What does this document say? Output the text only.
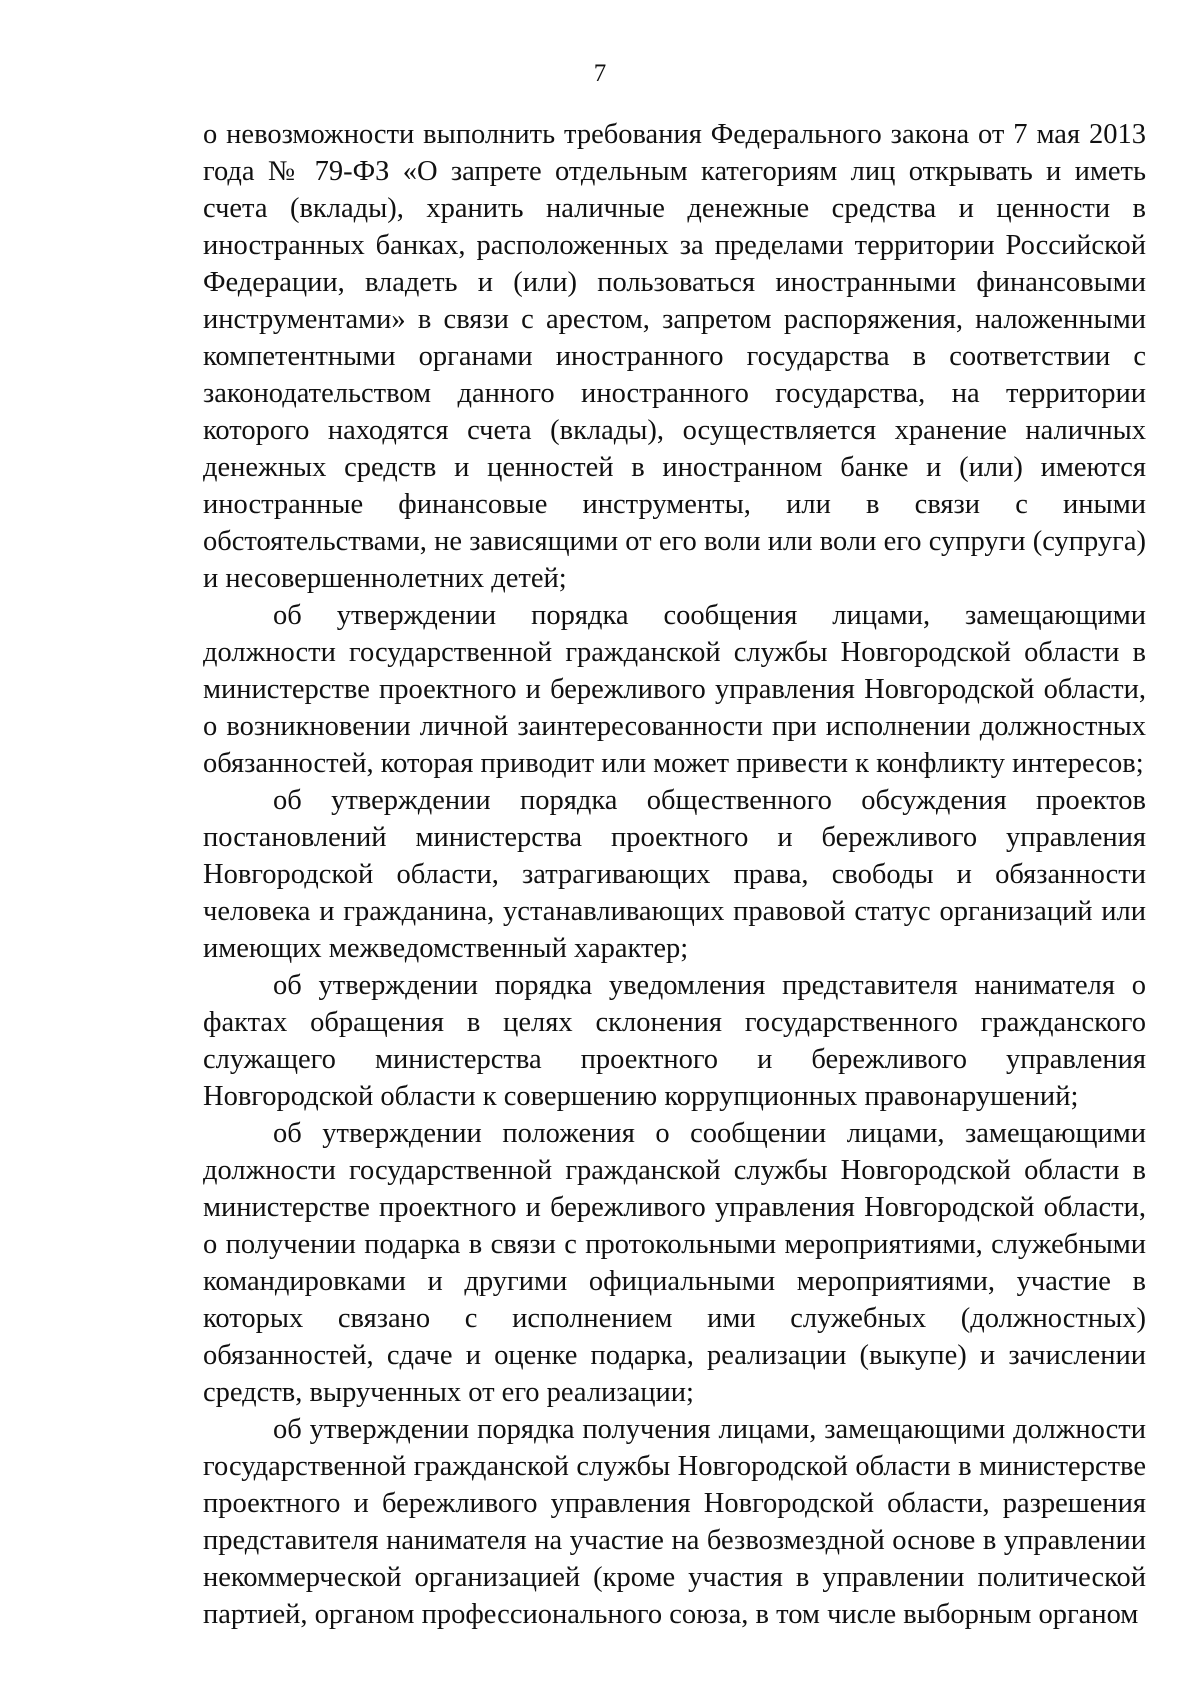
7

о невозможности выполнить требования Федерального закона от 7 мая 2013 года № 79-ФЗ «О запрете отдельным категориям лиц открывать и иметь счета (вклады), хранить наличные денежные средства и ценности в иностранных банках, расположенных за пределами территории Российской Федерации, владеть и (или) пользоваться иностранными финансовыми инструментами» в связи с арестом, запретом распоряжения, наложенными компетентными органами иностранного государства в соответствии с законодательством данного иностранного государства, на территории которого находятся счета (вклады), осуществляется хранение наличных денежных средств и ценностей в иностранном банке и (или) имеются иностранные финансовые инструменты, или в связи с иными обстоятельствами, не зависящими от его воли или воли его супруги (супруга) и несовершеннолетних детей;

об утверждении порядка сообщения лицами, замещающими должности государственной гражданской службы Новгородской области в министерстве проектного и бережливого управления Новгородской области, о возникновении личной заинтересованности при исполнении должностных обязанностей, которая приводит или может привести к конфликту интересов;

об утверждении порядка общественного обсуждения проектов постановлений министерства проектного и бережливого управления Новгородской области, затрагивающих права, свободы и обязанности человека и гражданина, устанавливающих правовой статус организаций или имеющих межведомственный характер;

об утверждении порядка уведомления представителя нанимателя о фактах обращения в целях склонения государственного гражданского служащего министерства проектного и бережливого управления Новгородской области к совершению коррупционных правонарушений;

об утверждении положения о сообщении лицами, замещающими должности государственной гражданской службы Новгородской области в министерстве проектного и бережливого управления Новгородской области, о получении подарка в связи с протокольными мероприятиями, служебными командировками и другими официальными мероприятиями, участие в которых связано с исполнением ими служебных (должностных) обязанностей, сдаче и оценке подарка, реализации (выкупе) и зачислении средств, вырученных от его реализации;

об утверждении порядка получения лицами, замещающими должности государственной гражданской службы Новгородской области в министерстве проектного и бережливого управления Новгородской области, разрешения представителя нанимателя на участие на безвозмездной основе в управлении некоммерческой организацией (кроме участия в управлении политической партией, органом профессионального союза, в том числе выборным органом
